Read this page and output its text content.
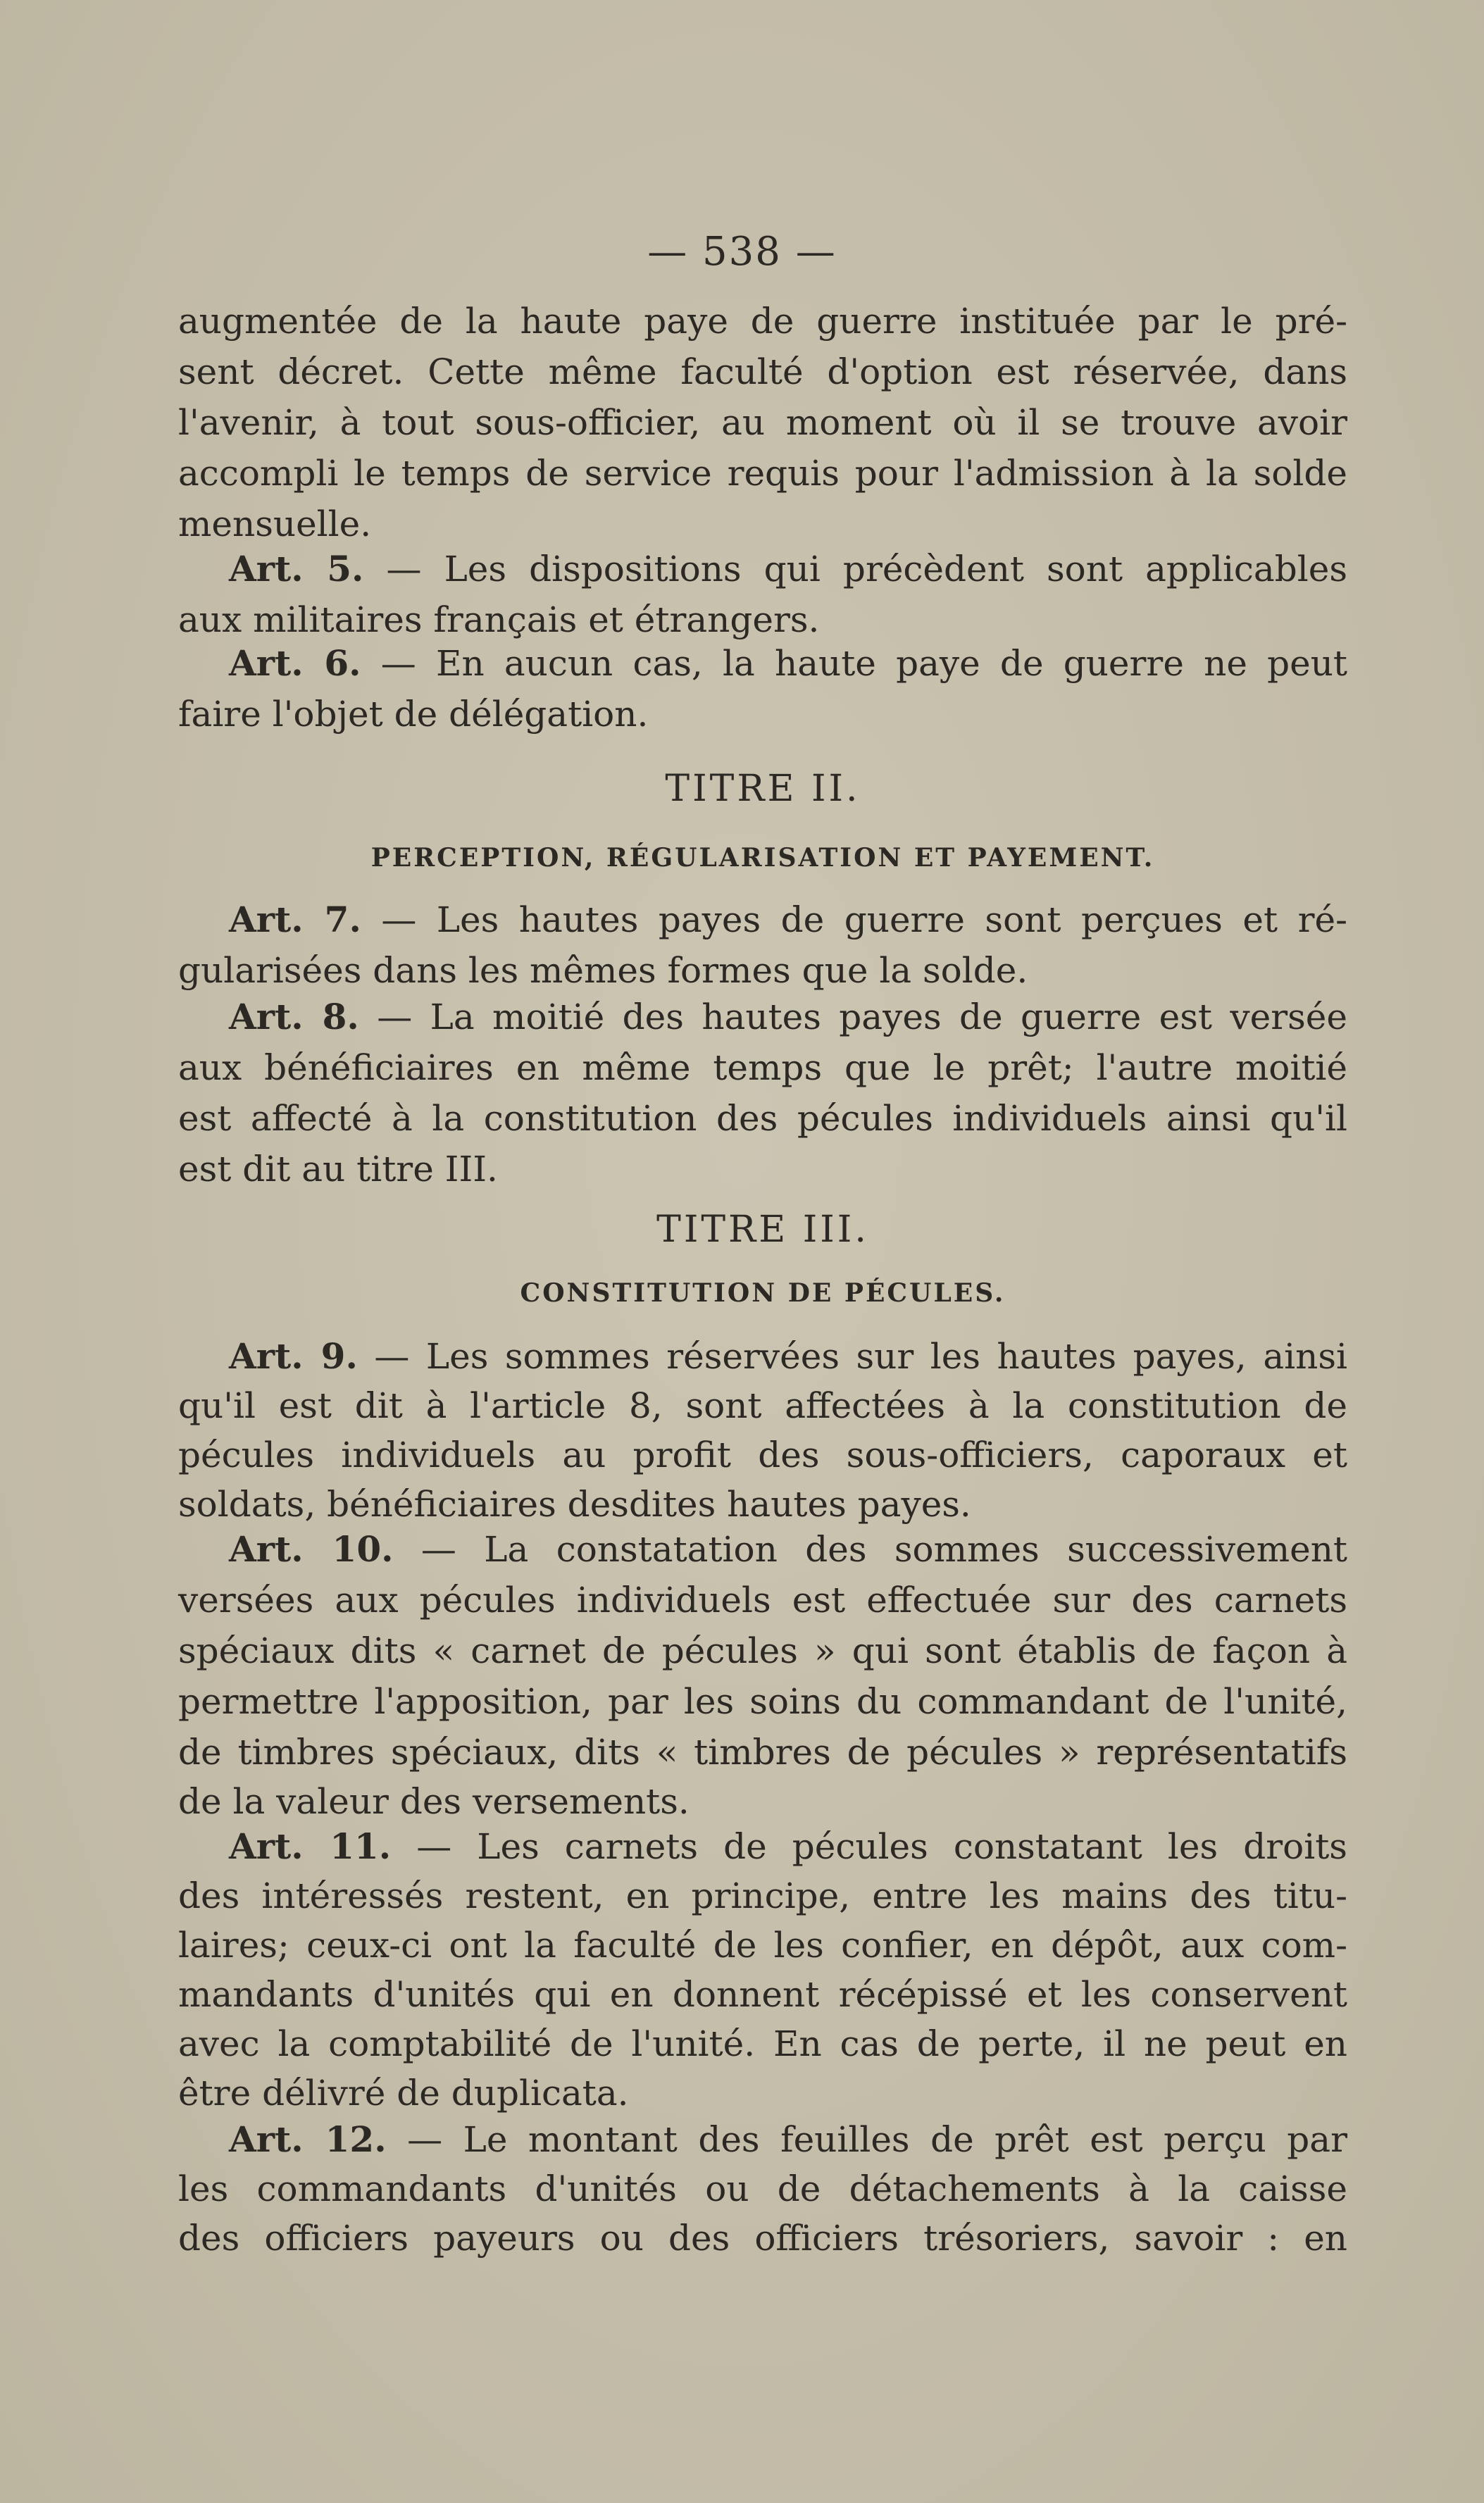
— 538 —
augmentée de la haute paye de guerre instituée par le pré-
sent décret. Cette même faculté d'option est réservée, dans
l'avenir, à tout sous-officier, au moment où il se trouve avoir
accompli le temps de service requis pour l'admission à la solde
mensuelle.
Art. 5. — Les dispositions qui précèdent sont applicables
aux militaires français et étrangers.
Art. 6. — En aucun cas, la haute paye de guerre ne peut
faire l'objet de délégation.
TITRE II.
PERCEPTION, RÉGULARISATION ET PAYEMENT.
Art. 7. — Les hautes payes de guerre sont perçues et ré-
gularisées dans les mêmes formes que la solde.
Art. 8. — La moitié des hautes payes de guerre est versée
aux bénéficiaires en même temps que le prêt; l'autre moitié
est affecté à la constitution des pécules individuels ainsi qu'il
est dit au titre III.
TITRE III.
CONSTITUTION DE PÉCULES.
Art. 9. — Les sommes réservées sur les hautes payes, ainsi
qu'il est dit à l'article 8, sont affectées à la constitution de
pécules individuels au profit des sous-officiers, caporaux et
soldats, bénéficiaires desdites hautes payes.
Art. 10. — La constatation des sommes successivement
versées aux pécules individuels est effectuée sur des carnets
spéciaux dits « carnet de pécules » qui sont établis de façon à
permettre l'apposition, par les soins du commandant de l'unité,
de timbres spéciaux, dits « timbres de pécules » représentatifs
de la valeur des versements.
Art. 11. — Les carnets de pécules constatant les droits
des intéressés restent, en principe, entre les mains des titu-
laires; ceux-ci ont la faculté de les confier, en dépôt, aux com-
mandants d'unités qui en donnent récépissé et les conservent
avec la comptabilité de l'unité. En cas de perte, il ne peut en
être délivré de duplicata.
Art. 12. — Le montant des feuilles de prêt est perçu par
les commandants d'unités ou de détachements à la caisse
des officiers payeurs ou des officiers trésoriers, savoir : en
